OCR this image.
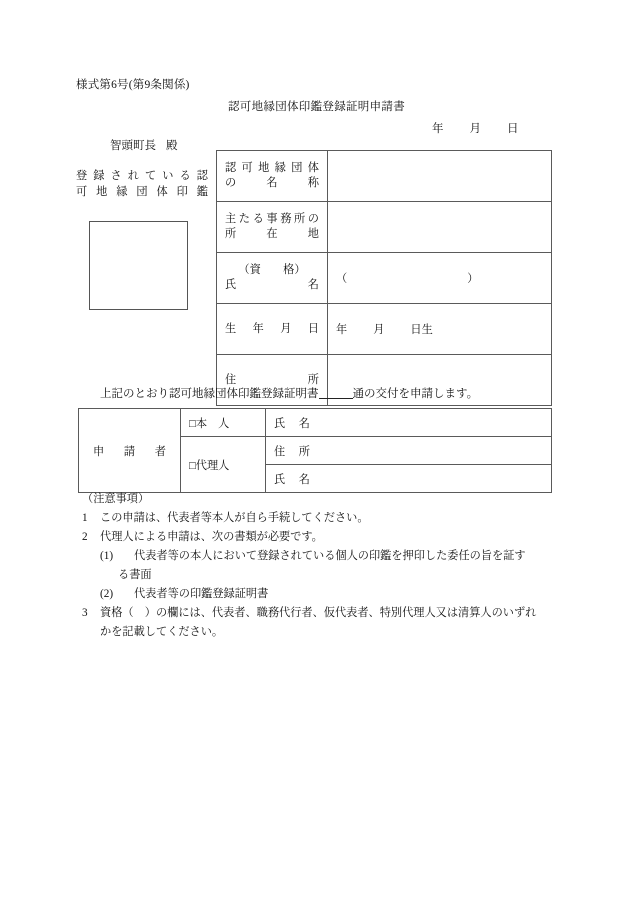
様式第6号(第9条関係)
認可地縁団体印鑑登録証明申請書
年 月 日
智頭町長 殿
登録されている認
可地縁団体印鑑
認可地縁団体
の　名　称	

主たる事務所の
所　在　地	

（資　　格）
氏　　　　名	（ ）

生　年　月　日	年 月 日生

住　　　　所	

上記のとおり認可地縁団体印鑑登録証明書	通の交付を申請します。
申　請　者	□本　人	氏　名

	□代理人	住　所
		氏　名
（注意事項）
1	この申請は、代表者等本人が自ら手続してください。
2	代理人による申請は、次の書類が必要です。
(1)	代表者等の本人において登録されている個人の印鑑を押印した委任の旨を証す
る書面
(2)	代表者等の印鑑登録証明書
3	資格（　）の欄には、代表者、職務代行者、仮代表者、特別代理人又は清算人のいずれ
かを記載してください。
